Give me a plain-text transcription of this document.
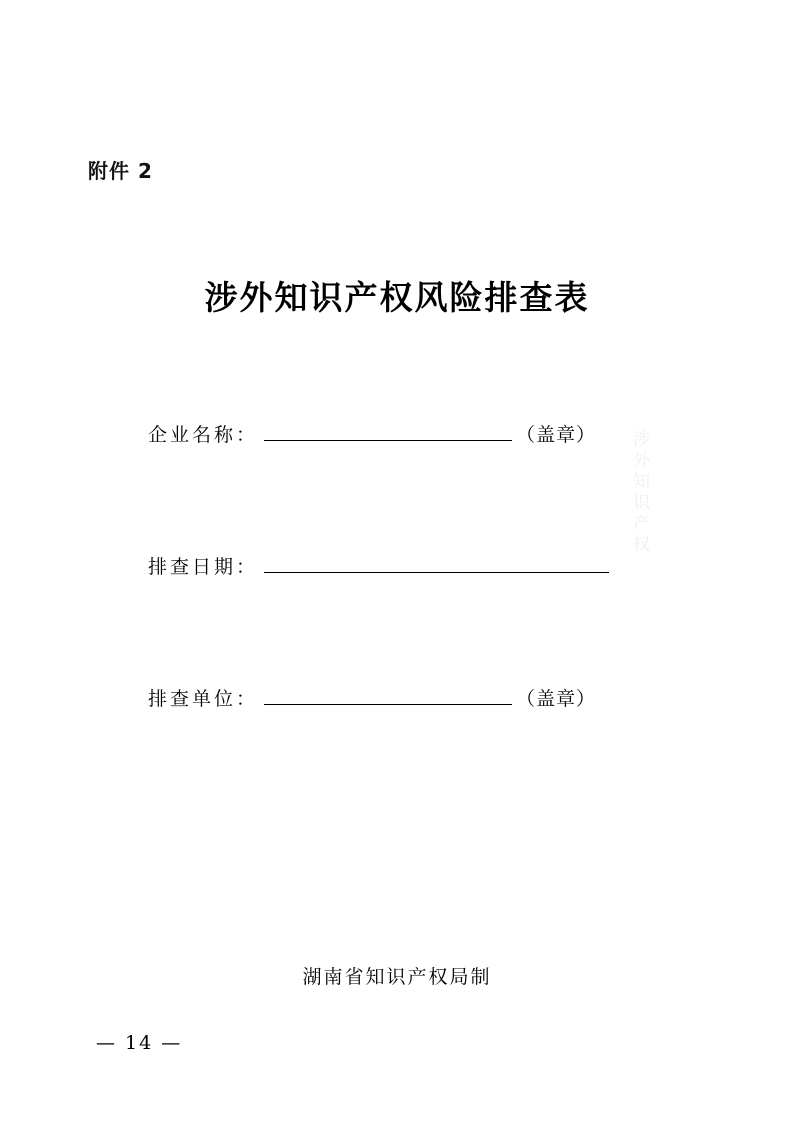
附件 2
涉外知识产权风险排查表
涉外知识产权
企业名称：	（盖章）
排查日期：
排查单位：	（盖章）
湖南省知识产权局制
— 14 —
